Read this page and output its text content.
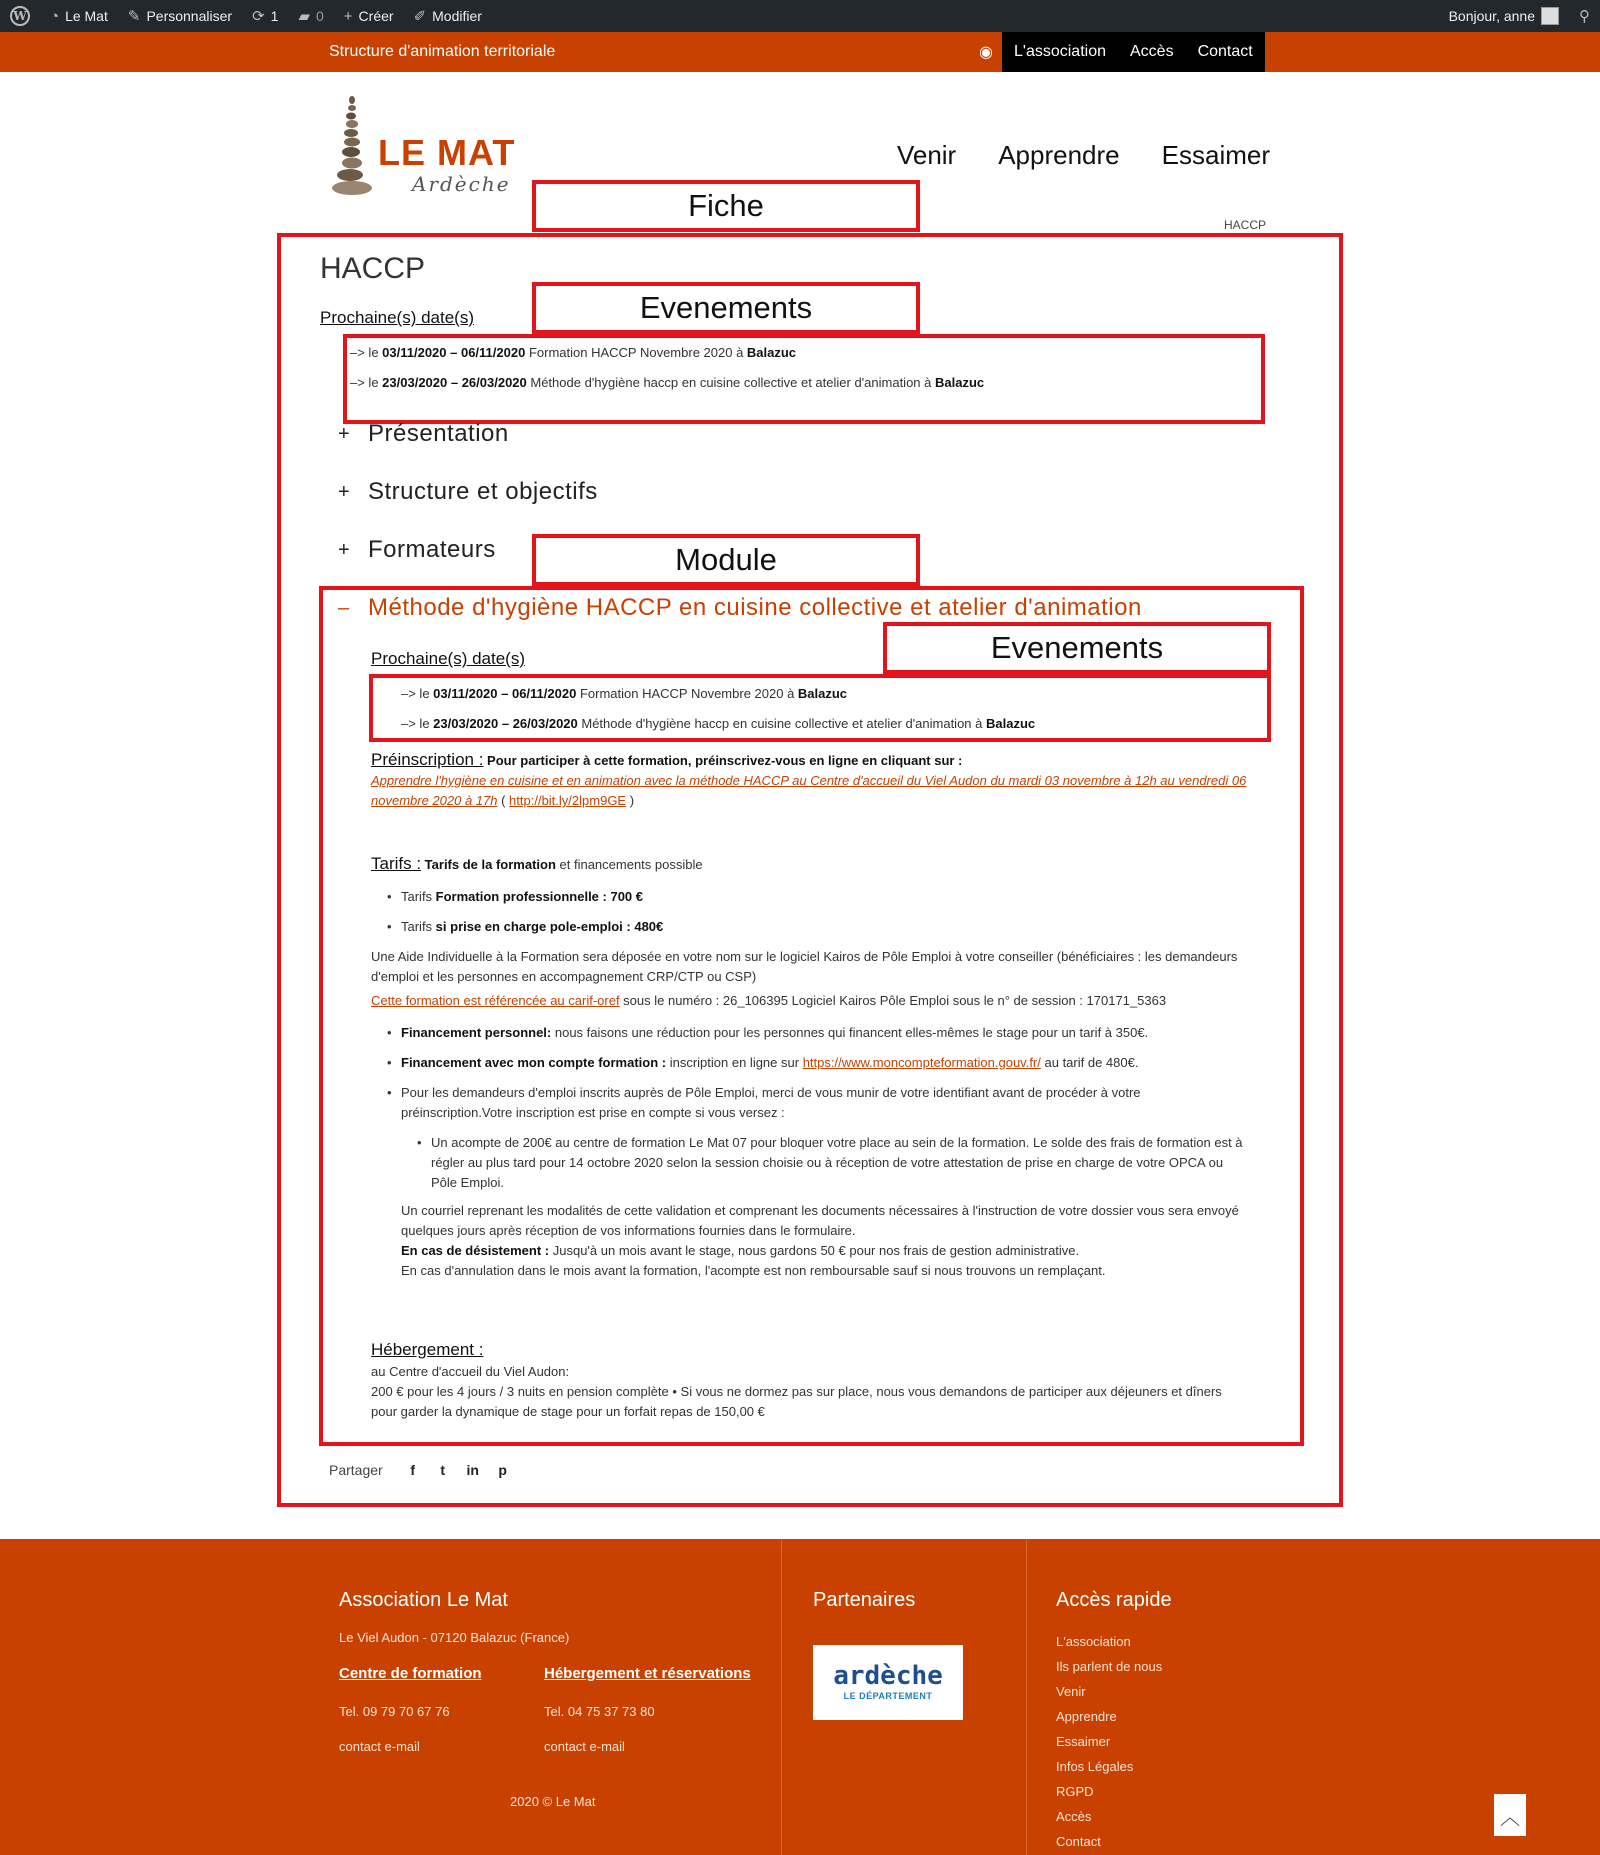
W ◔ Le Mat ✎ Personnaliser ⟳ 1 ▰ 0 + Créer ✐ Modifier	Bonjour, anne	⚲
Structure d'animation territoriale	◉	L'association	Accès	Contact
LE MAT
Ardèche
Venir Apprendre Essaimer
HACCP
Fiche
Evenements
Module
Evenements
HACCP
Prochaine(s) date(s)
–> le 03/11/2020 – 06/11/2020 Formation HACCP Novembre 2020 à Balazuc
–> le 23/03/2020 – 26/03/2020 Méthode d'hygiène haccp en cuisine collective et atelier d'animation à Balazuc
+ Présentation
+ Structure et objectifs
+ Formateurs
– Méthode d'hygiène HACCP en cuisine collective et atelier d'animation
Prochaine(s) date(s)
–> le 03/11/2020 – 06/11/2020 Formation HACCP Novembre 2020 à Balazuc
–> le 23/03/2020 – 26/03/2020 Méthode d'hygiène haccp en cuisine collective et atelier d'animation à Balazuc
Préinscription : Pour participer à cette formation, préinscrivez-vous en ligne en cliquant sur :
Apprendre l'hygiène en cuisine et en animation avec la méthode HACCP au Centre d'accueil du Viel Audon du mardi 03 novembre à 12h au vendredi 06 novembre 2020 à 17h ( http://bit.ly/2lpm9GE )
Tarifs : Tarifs de la formation et financements possible
• Tarifs Formation professionnelle : 700 €
• Tarifs si prise en charge pole-emploi : 480€

Une Aide Individuelle à la Formation sera déposée en votre nom sur le logiciel Kairos de Pôle Emploi à votre conseiller (bénéficiaires : les demandeurs d'emploi et les personnes en accompagnement CRP/CTP ou CSP)

Cette formation est référencée au carif-oref sous le numéro : 26_106395 Logiciel Kairos Pôle Emploi sous le n° de session : 170171_5363

• Financement personnel: nous faisons une réduction pour les personnes qui financent elles-mêmes le stage pour un tarif à 350€.
• Financement avec mon compte formation : inscription en ligne sur https://www.moncompteformation.gouv.fr/ au tarif de 480€.
• Pour les demandeurs d'emploi inscrits auprès de Pôle Emploi, merci de vous munir de votre identifiant avant de procéder à votre préinscription.Votre inscription est prise en compte si vous versez :
• Un acompte de 200€ au centre de formation Le Mat 07 pour bloquer votre place au sein de la formation. Le solde des frais de formation est à régler au plus tard pour 14 octobre 2020 selon la session choisie ou à réception de votre attestation de prise en charge de votre OPCA ou Pôle Emploi.

Un courriel reprenant les modalités de cette validation et comprenant les documents nécessaires à l'instruction de votre dossier vous sera envoyé quelques jours après réception de vos informations fournies dans le formulaire.

En cas de désistement : Jusqu'à un mois avant le stage, nous gardons 50 € pour nos frais de gestion administrative.

En cas d'annulation dans le mois avant la formation, l'acompte est non remboursable sauf si nous trouvons un remplaçant.

Hébergement :

au Centre d'accueil du Viel Audon:

200 € pour les 4 jours / 3 nuits en pension complète • Si vous ne dormez pas sur place, nous vous demandons de participer aux déjeuners et dîners pour garder la dynamique de stage pour un forfait repas de 150,00 €

Partager	f	t	in p
Association Le Mat
Le Viel Audon - 07120 Balazuc (France)
Centre de formation
Tel. 09 79 70 67 76
contact e-mail
Hébergement et réservations
Tel. 04 75 37 73 80
contact e-mail
2020 © Le Mat
Partenaires
ardèche
LE DÉPARTEMENT
Accès rapide
L'association
Ils parlent de nous
Venir
Apprendre
Essaimer
Infos Légales
RGPD
Accès
Contact
︿
